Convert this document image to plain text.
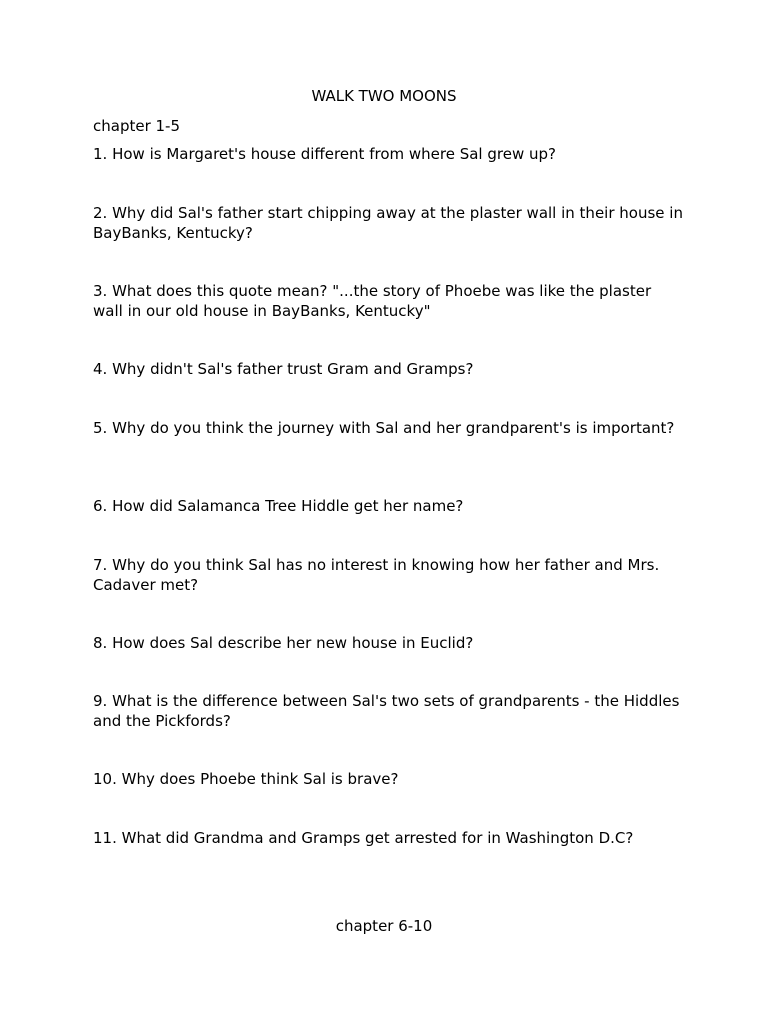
WALK TWO MOONS
chapter 1-5

1. How is Margaret's house different from where Sal grew up?

2. Why did Sal's father start chipping away at the plaster wall in their house in BayBanks, Kentucky?

3. What does this quote mean? "...the story of Phoebe was like the plaster wall in our old house in BayBanks, Kentucky"

4. Why didn't Sal's father trust Gram and Gramps?

5. Why do you think the journey with Sal and her grandparent's is important?

6. How did Salamanca Tree Hiddle get her name?

7. Why do you think Sal has no interest in knowing how her father and Mrs. Cadaver met?

8. How does Sal describe her new house in Euclid?

9. What is the difference between Sal's two sets of grandparents - the Hiddles and the Pickfords?

10. Why does Phoebe think Sal is brave?

11. What did Grandma and Gramps get arrested for in Washington D.C?

chapter 6-10
